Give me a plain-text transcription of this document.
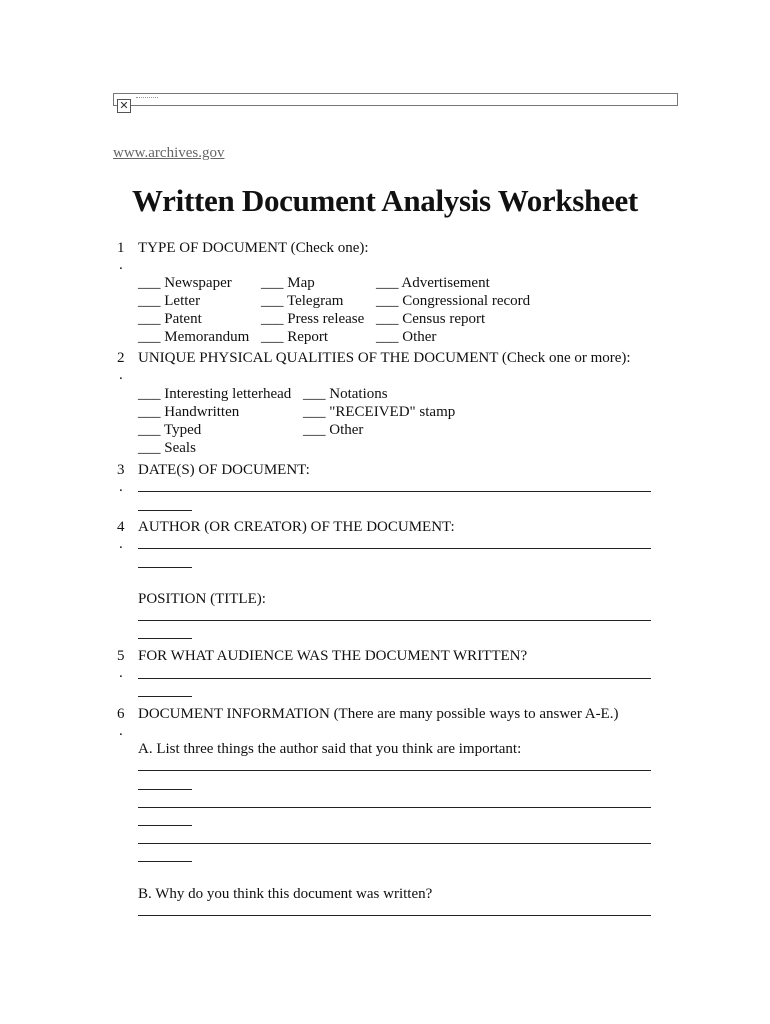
✕
www.archives.gov
Written Document Analysis Worksheet
1
.
TYPE OF DOCUMENT (Check one):
___ Newspaper
___ Letter
___ Patent
___ Memorandum
___ Map
___ Telegram
___ Press release
___ Report
___ Advertisement
___ Congressional record
___ Census report
___ Other
2
.
UNIQUE PHYSICAL QUALITIES OF THE DOCUMENT (Check one or more):
___ Interesting letterhead
___ Handwritten
___ Typed
___ Seals
___ Notations
___ "RECEIVED" stamp
___ Other
3
.
DATE(S) OF DOCUMENT:
4
.
AUTHOR (OR CREATOR) OF THE DOCUMENT:
POSITION (TITLE):
5
.
FOR WHAT AUDIENCE WAS THE DOCUMENT WRITTEN?
6
.
DOCUMENT INFORMATION (There are many possible ways to answer A-E.)
A. List three things the author said that you think are important:
B. Why do you think this document was written?
